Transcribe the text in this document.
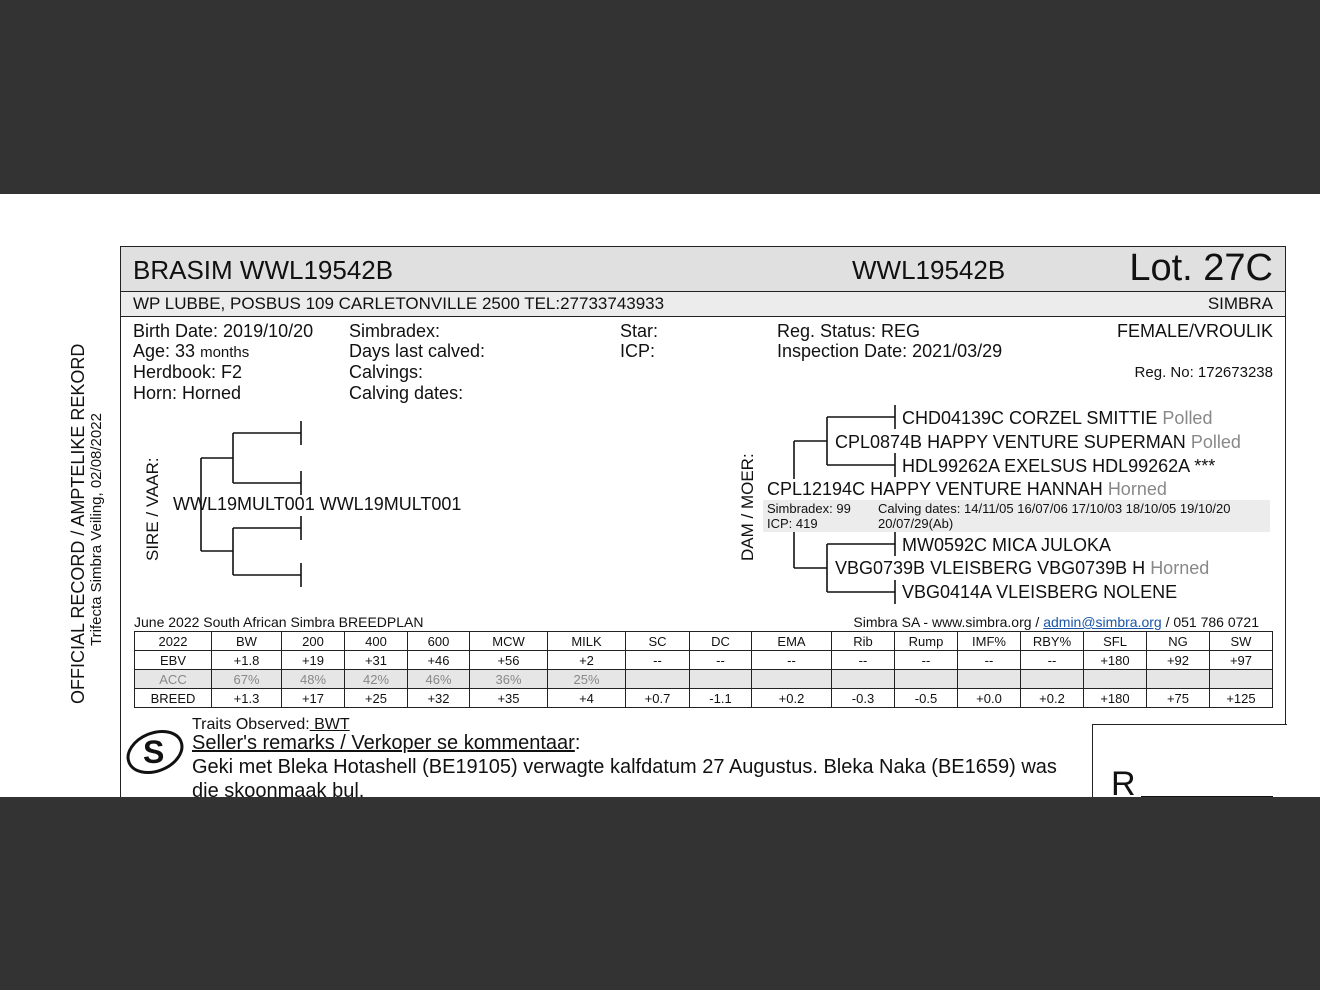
OFFICIAL RECORD / AMPTELIKE REKORD Trifecta Simbra Veiling, 02/08/2022
BRASIM WWL19542B	WWL19542B	Lot. 27C
WP LUBBE, POSBUS 109 CARLETONVILLE 2500 TEL:27733743933	SIMBRA
Birth Date: 2019/10/20
Age: 33 months
Herdbook: F2
Horn: Horned
Simbradex:
Days last calved:
Calvings:
Calving dates:
Star:
ICP:
Reg. Status: REG
Inspection Date: 2021/03/29
FEMALE/VROULIK
Reg. No: 172673238
SIRE / VAAR:	DAM / MOER:
WWL19MULT001 WWL19MULT001
CHD04139C CORZEL SMITTIE Polled
CPL0874B HAPPY VENTURE SUPERMAN Polled
HDL99262A EXELSUS HDL99262A ***
CPL12194C HAPPY VENTURE HANNAH Horned
Simbradex: 99
ICP: 419
Calving dates: 14/11/05 16/07/06 17/10/03 18/10/05 19/10/20
20/07/29(Ab)
MW0592C MICA JULOKA
VBG0739B VLEISBERG VBG0739B H Horned
VBG0414A VLEISBERG NOLENE
June 2022 South African Simbra BREEDPLAN	Simbra SA - www.simbra.org / admin@simbra.org / 051 786 0721
2022	BW	200	400	600	MCW	MILK	SC	DC	EMA	Rib	Rump	IMF%	RBY%	SFL	NG	SW
EBV	+1.8	+19	+31	+46	+56	+2	--	--	--	--	--	--	--	+180	+92	+97
ACC	67%	48%	42%	46%	36%	25%										
BREED	+1.3	+17	+25	+32	+35	+4	+0.7	-1.1	+0.2	-0.3	-0.5	+0.0	+0.2	+180	+75	+125
Traits Observed: BWT
S Seller's remarks / Verkoper se kommentaar:
Geki met Bleka Hotashell (BE19105) verwagte kalfdatum 27 Augustus. Bleka Naka (BE1659) was
die skoonmaak bul.	R
